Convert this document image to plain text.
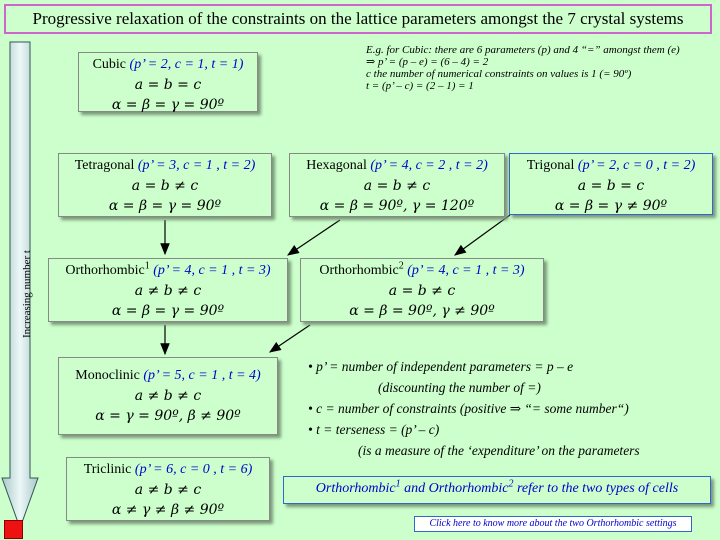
Progressive relaxation of the constraints on the lattice parameters amongst the 7 crystal systems
Increasing number t
Cubic (p’ = 2, c = 1, t = 1)
a = b = c
α = β = γ = 90º
E.g. for Cubic: there are 6 parameters (p) and 4 “=” amongst them (e)
⇒ p’ = (p – e) = (6 – 4) = 2
c the number of numerical constraints on values is 1 (= 90º)
t = (p’ – c) = (2 – 1) = 1
Tetragonal (p’ = 3, c = 1 , t = 2)
a = b ≠ c
α = β = γ = 90º
Hexagonal (p’ = 4, c = 2 , t = 2)
a = b ≠ c
α = β = 90º, γ = 120º
Trigonal (p’ = 2, c = 0 , t = 2)
a = b = c
α = β = γ ≠ 90º
Orthorhombic$^1$ (p’ = 4, c = 1 , t = 3)
a ≠ b ≠ c
α = β = γ = 90º
Orthorhombic$^2$ (p’ = 4, c = 1 , t = 3)
a = b ≠ c
α = β = 90º, γ ≠ 90º
Monoclinic (p’ = 5, c = 1 , t = 4)
a ≠ b ≠ c
α = γ = 90º, β ≠ 90º
Triclinic (p’ = 6, c = 0 , t = 6)
a ≠ b ≠ c
α ≠ γ ≠ β ≠ 90º
• p’ = number of independent parameters = p – e
(discounting the number of =)
• c = number of constraints (positive ⇒ “= some number“)
• t = terseness = (p’ – c)
(is a measure of the ‘expenditure’ on the parameters
Orthorhombic$^1$ and Orthorhombic$^2$ refer to the two types of cells
Click here to know more about the two Orthorhombic settings
